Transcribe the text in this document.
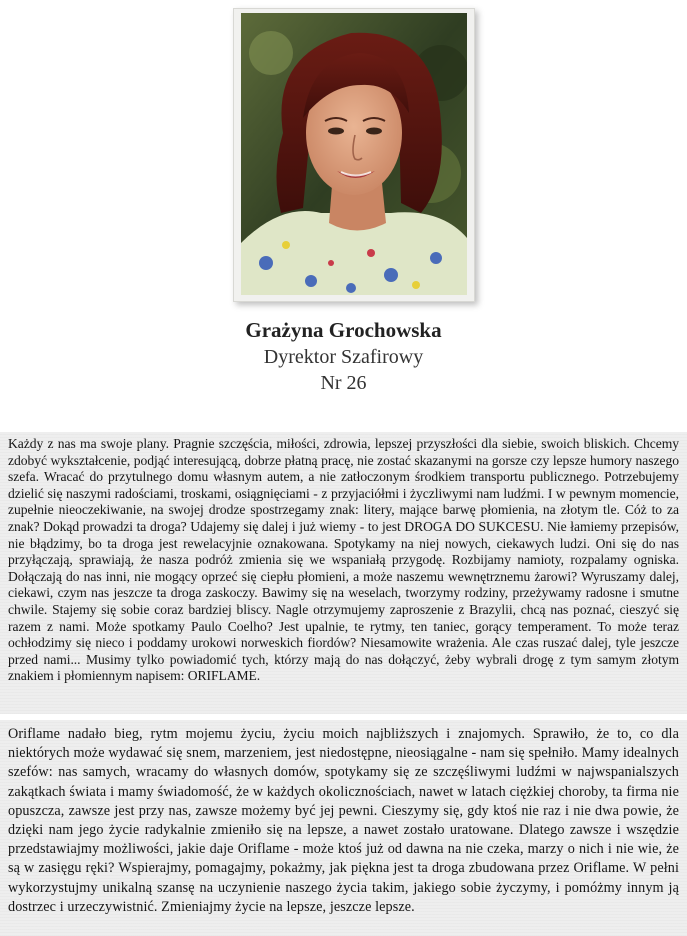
Grażyna Grochowska

Dyrektor Szafirowy

Nr 26

Każdy z nas ma swoje plany. Pragnie szczęścia, miłości, zdrowia, lepszej przyszłości dla siebie, swoich bliskich. Chcemy zdobyć wykształcenie, podjąć interesującą, dobrze płatną pracę, nie zostać skazanymi na gorsze czy lepsze humory naszego szefa. Wracać do przytulnego domu własnym autem, a nie zatłoczonym środkiem transportu publicznego. Potrzebujemy dzielić się naszymi radościami, troskami, osiągnięciami - z przyjaciółmi i życzliwymi nam ludźmi. I w pewnym momencie, zupełnie nieoczekiwanie, na swojej drodze spostrzegamy znak: litery, mające barwę płomienia, na złotym tle. Cóż to za znak? Dokąd prowadzi ta droga? Udajemy się dalej i już wiemy - to jest DROGA DO SUKCESU. Nie łamiemy przepisów, nie błądzimy, bo ta droga jest rewelacyjnie oznakowana. Spotykamy na niej nowych, ciekawych ludzi. Oni się do nas przyłączają, sprawiają, że nasza podróż zmienia się we wspaniałą przygodę. Rozbijamy namioty, rozpalamy ogniska. Dołączają do nas inni, nie mogący oprzeć się ciepłu płomieni, a może naszemu wewnętrznemu żarowi? Wyruszamy dalej, ciekawi, czym nas jeszcze ta droga zaskoczy. Bawimy się na weselach, tworzymy rodziny, przeżywamy radosne i smutne chwile. Stajemy się sobie coraz bardziej bliscy. Nagle otrzymujemy zaproszenie z Brazylii, chcą nas poznać, cieszyć się razem z nami. Może spotkamy Paulo Coelho? Jest upalnie, te rytmy, ten taniec, gorący temperament. To może teraz ochłodzimy się nieco i poddamy urokowi norweskich fiordów? Niesamowite wrażenia. Ale czas ruszać dalej, tyle jeszcze przed nami... Musimy tylko powiadomić tych, którzy mają do nas dołączyć, żeby wybrali drogę z tym samym złotym znakiem i płomiennym napisem: ORIFLAME.

Oriflame nadało bieg, rytm mojemu życiu, życiu moich najbliższych i znajomych. Sprawiło, że to, co dla niektórych może wydawać się snem, marzeniem, jest niedostępne, nieosiągalne - nam się spełniło. Mamy idealnych szefów: nas samych, wracamy do własnych domów, spotykamy się ze szczęśliwymi ludźmi w najwspanialszych zakątkach świata i mamy świadomość, że w każdych okolicznościach, nawet w latach ciężkiej choroby, ta firma nie opuszcza, zawsze jest przy nas, zawsze możemy być jej pewni. Cieszymy się, gdy ktoś nie raz i nie dwa powie, że dzięki nam jego życie radykalnie zmieniło się na lepsze, a nawet zostało uratowane. Dlatego zawsze i wszędzie przedstawiajmy możliwości, jakie daje Oriflame - może ktoś już od dawna na nie czeka, marzy o nich i nie wie, że są w zasięgu ręki? Wspierajmy, pomagajmy, pokażmy, jak piękna jest ta droga zbudowana przez Oriflame. W pełni wykorzystujmy unikalną szansę na uczynienie naszego życia takim, jakiego sobie życzymy, i pomóżmy innym ją dostrzec i urzeczywistnić. Zmieniajmy życie na lepsze, jeszcze lepsze.
